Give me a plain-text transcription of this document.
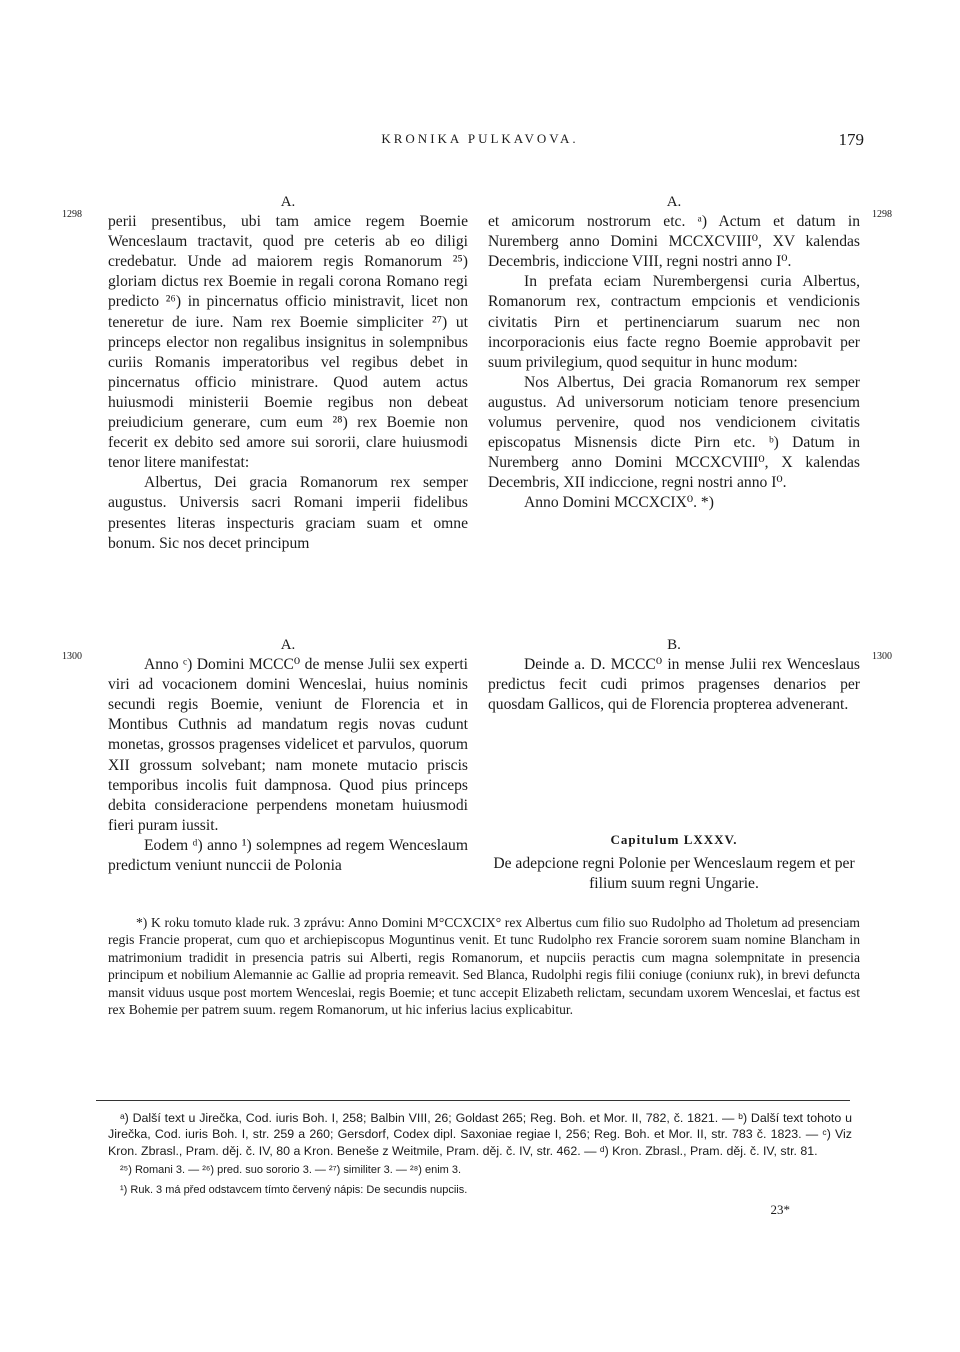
KRONIKA PULKAVOVA.	179
1298	1298
1300	1300
A.

perii presentibus, ubi tam amice regem Boemie Wenceslaum tractavit, quod pre ceteris ab eo diligi credebatur. Unde ad maiorem regis Romanorum ²⁵) gloriam dictus rex Boemie in regali corona Romano regi predicto ²⁶) in pincernatus officio ministravit, licet non teneretur de iure. Nam rex Boemie simpliciter ²⁷) ut princeps elector non regalibus insignitus in solempnibus curiis Romanis imperatoribus vel regibus debet in pincernatus officio ministrare. Quod autem actus huiusmodi ministerii Boemie regibus non debeat preiudicium generare, cum eum ²⁸) rex Boemie non fecerit ex debito sed amore sui sororii, clare huiusmodi tenor litere manifestat:

Albertus, Dei gracia Romanorum rex semper augustus. Universis sacri Romani imperii fidelibus presentes literas inspecturis graciam suam et omne bonum. Sic nos decet principum

A.

et amicorum nostrorum etc. ᵃ) Actum et datum in Nuremberg anno Domini MCCXCVIII⁰, XV kalendas Decembris, indiccione VIII, regni nostri anno I⁰.

In prefata eciam Nurembergensi curia Albertus, Romanorum rex, contractum empcionis et vendicionis civitatis Pirn et pertinenciarum suarum nec non incorporacionis eius facte regno Boemie approbavit per suum privilegium, quod sequitur in hunc modum:

Nos Albertus, Dei gracia Romanorum rex semper augustus. Ad universorum noticiam tenore presencium volumus pervenire, quod nos vendicionem civitatis episcopatus Misnensis dicte Pirn etc. ᵇ) Datum in Nuremberg anno Domini MCCXCVIII⁰, X kalendas Decembris, XII indiccione, regni nostri anno I⁰.

Anno Domini MCCXCIX⁰. *)

A.

Anno ᶜ) Domini MCCC⁰ de mense Julii sex experti viri ad vocacionem domini Wenceslai, huius nominis secundi regis Boemie, veniunt de Florencia et in Montibus Cuthnis ad mandatum regis novas cudunt monetas, grossos pragenses videlicet et parvulos, quorum XII grossum solvebant; nam monete mutacio priscis temporibus incolis fuit dampnosa. Quod pius princeps debita consideracione perpendens monetam huiusmodi fieri puram iussit.

Eodem ᵈ) anno ¹) solempnes ad regem Wenceslaum predictum veniunt nunccii de Polonia

B.

Deinde a. D. MCCC⁰ in mense Julii rex Wenceslaus predictus fecit cudi primos pragenses denarios per quosdam Gallicos, qui de Florencia propterea advenerant.

Capitulum LXXXV.
De adepcione regni Polonie per Wenceslaum regem et per filium suum regni Ungarie.
*) K roku tomuto klade ruk. 3 zprávu: Anno Domini M°CCXCIX° rex Albertus cum filio suo Rudolpho ad Tholetum ad presenciam regis Francie properat, cum quo et archiepiscopus Moguntinus venit. Et tunc Rudolpho rex Francie sororem suam nomine Blancham in matrimonium tradidit in presencia patris sui Alberti, regis Romanorum, et nupciis peractis cum magna solempnitate in presencia principum et nobilium Alemannie ac Gallie ad propria remeavit. Sed Blanca, Rudolphi regis filii coniuge (coniunx ruk), in brevi defuncta mansit viduus usque post mortem Wenceslai, regis Boemie; et tunc accepit Elizabeth relictam, secundam uxorem Wenceslai, et factus est rex Bohemie per patrem suum. regem Romanorum, ut hic inferius lacius explicabitur.
ᵃ) Další text u Jirečka, Cod. iuris Boh. I, 258; Balbin VIII, 26; Goldast 265; Reg. Boh. et Mor. II, 782, č. 1821. — ᵇ) Další text tohoto u Jirečka, Cod. iuris Boh. I, str. 259 a 260; Gersdorf, Codex dipl. Saxoniae regiae I, 256; Reg. Boh. et Mor. II, str. 783 č. 1823. — ᶜ) Viz Kron. Zbrasl., Pram. děj. č. IV, 80 a Kron. Beneše z Weitmile, Pram. děj. č. IV, str. 462. — ᵈ) Kron. Zbrasl., Pram. děj. č. IV, str. 81.
²⁵) Romani 3. — ²⁶) pred. suo sororio 3. — ²⁷) similiter 3. — ²⁸) enim 3.
¹) Ruk. 3 má před odstavcem tímto červený nápis: De secundis nupciis.
23*
